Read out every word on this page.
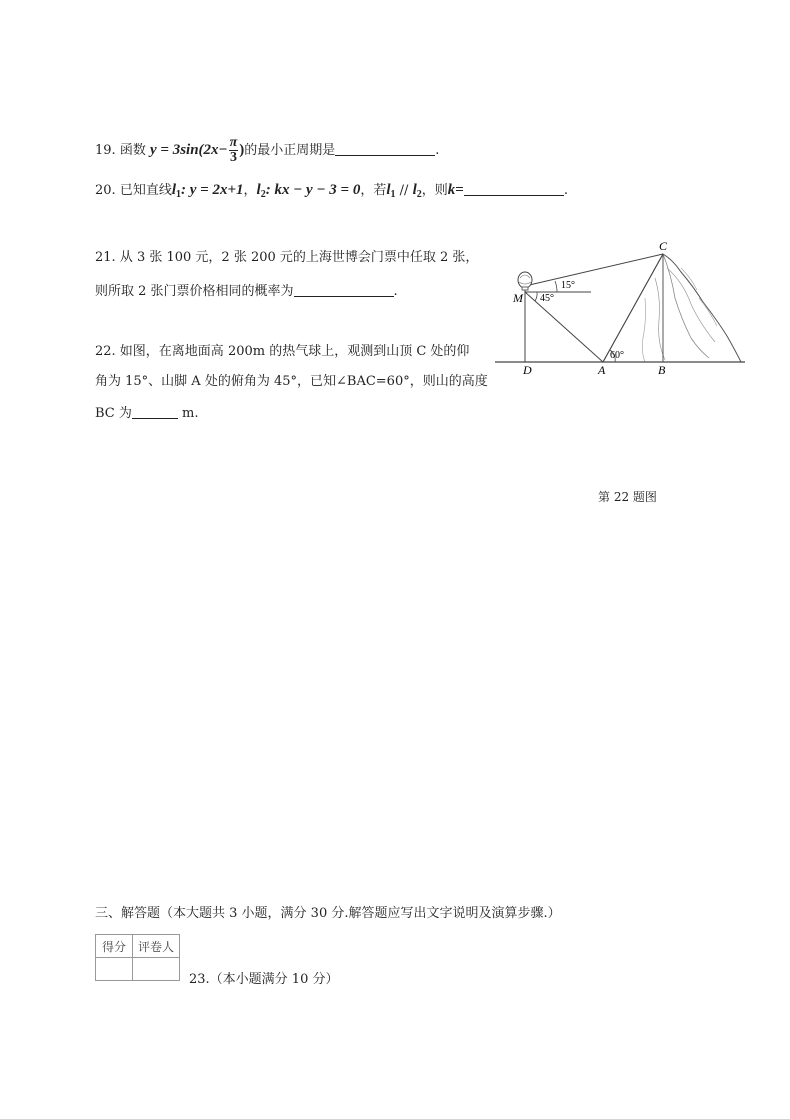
19. 函数 $y = 3\sin(2x- \frac{\pi}{3}$ )的最小正周期是	.
20. 已知直线$l_1$: y = 2x+1，$l_2$: kx − y − 3 = 0，若$l_1 // l_2$，则k=	.
21. 从 3 张 100 元，2 张 200 元的上海世博会门票中任取 2 张，
则所取 2 张门票价格相同的概率为	.
22. 如图，在离地面高 200m 的热气球上，观测到山顶 C 处的仰
角为 15°、山脚 A 处的俯角为 45°，已知∠BAC=60°，则山的高度
BC 为	m.
C
M
D	A	B
15°
45°
60°
第 22 题图
三、解答题（本大题共 3 小题，满分 30 分.解答题应写出文字说明及演算步骤.）
得分	评卷人

23.（本小题满分 10 分）
